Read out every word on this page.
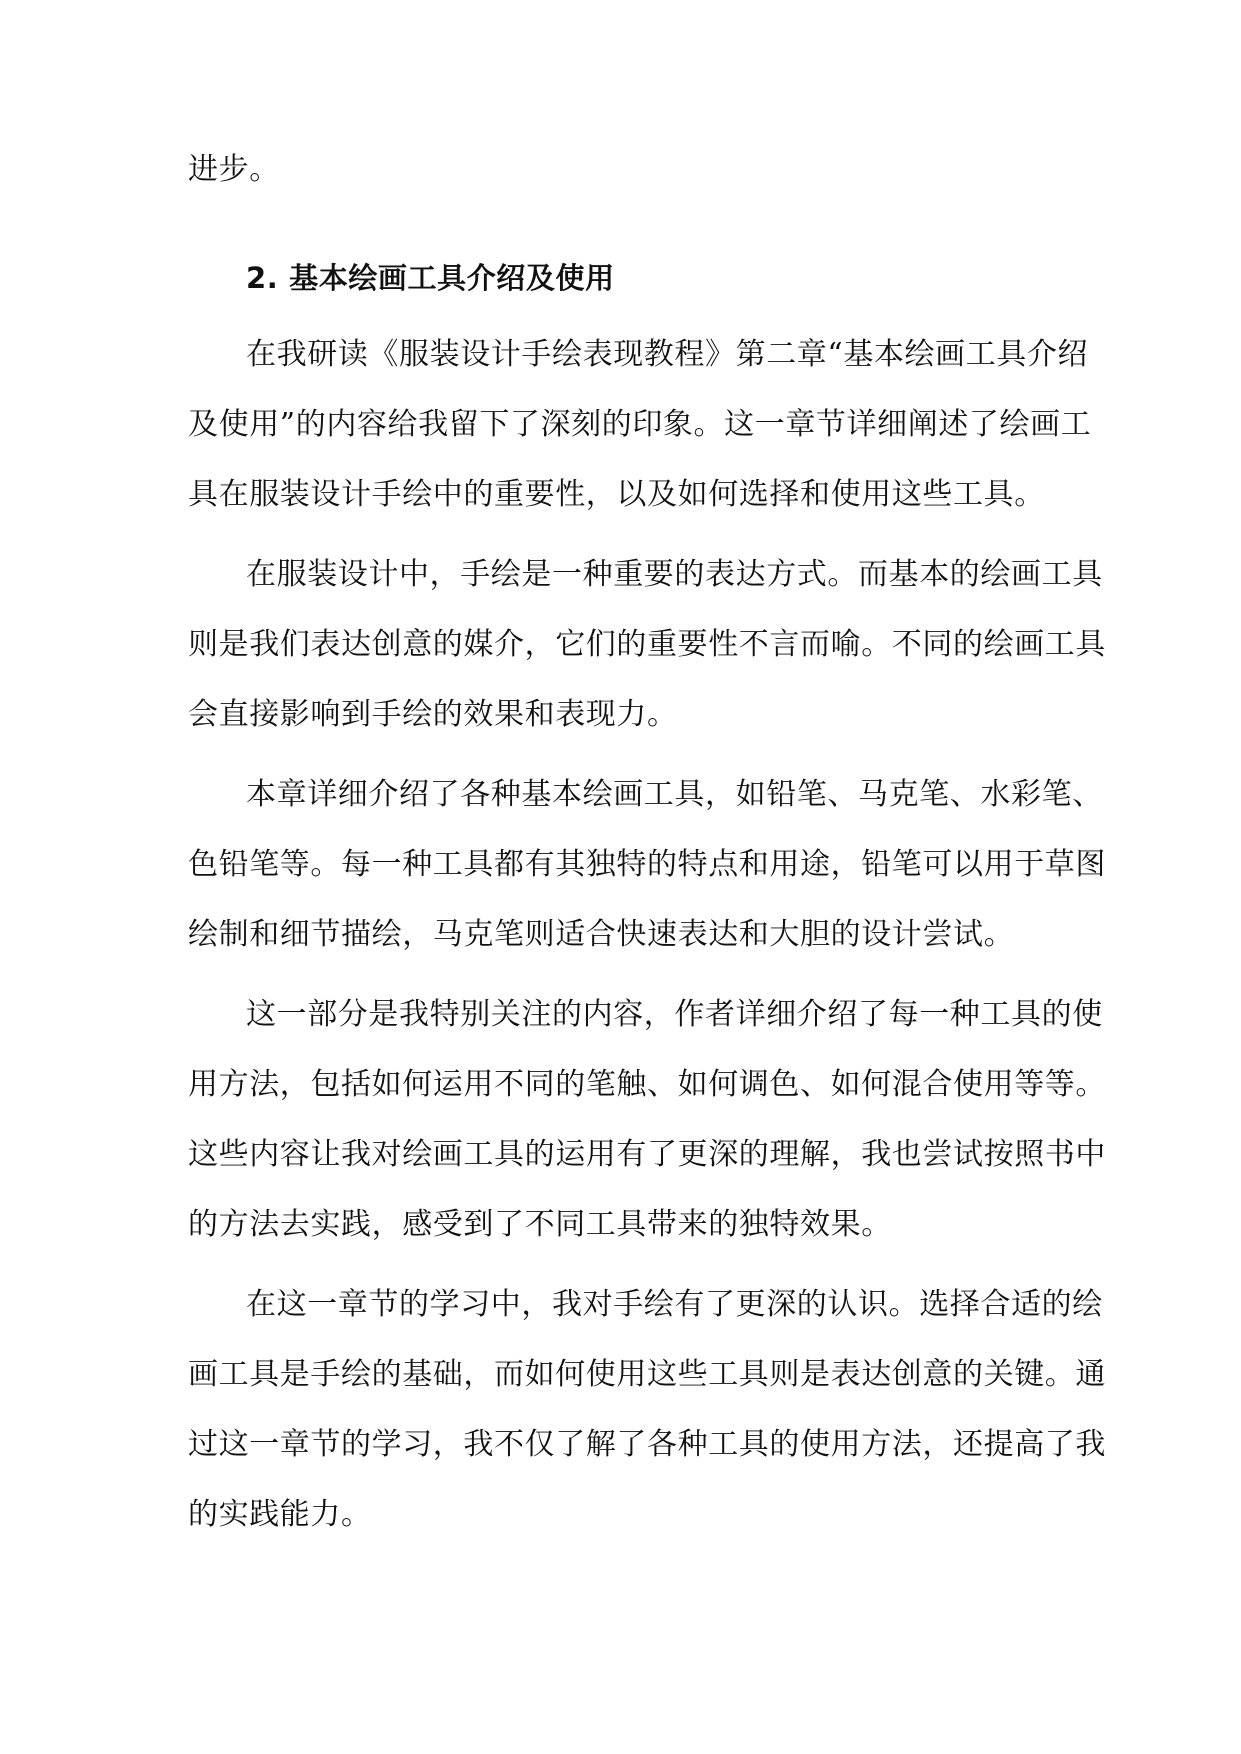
进步。
2. 基本绘画工具介绍及使用
在我研读《服装设计手绘表现教程》第二章“基本绘画工具介绍
及使用”的内容给我留下了深刻的印象。这一章节详细阐述了绘画工
具在服装设计手绘中的重要性，以及如何选择和使用这些工具。
在服装设计中，手绘是一种重要的表达方式。而基本的绘画工具
则是我们表达创意的媒介，它们的重要性不言而喻。不同的绘画工具
会直接影响到手绘的效果和表现力。
本章详细介绍了各种基本绘画工具，如铅笔、马克笔、水彩笔、
色铅笔等。每一种工具都有其独特的特点和用途，铅笔可以用于草图
绘制和细节描绘，马克笔则适合快速表达和大胆的设计尝试。
这一部分是我特别关注的内容，作者详细介绍了每一种工具的使
用方法，包括如何运用不同的笔触、如何调色、如何混合使用等等。
这些内容让我对绘画工具的运用有了更深的理解，我也尝试按照书中
的方法去实践，感受到了不同工具带来的独特效果。
在这一章节的学习中，我对手绘有了更深的认识。选择合适的绘
画工具是手绘的基础，而如何使用这些工具则是表达创意的关键。通
过这一章节的学习，我不仅了解了各种工具的使用方法，还提高了我
的实践能力。
